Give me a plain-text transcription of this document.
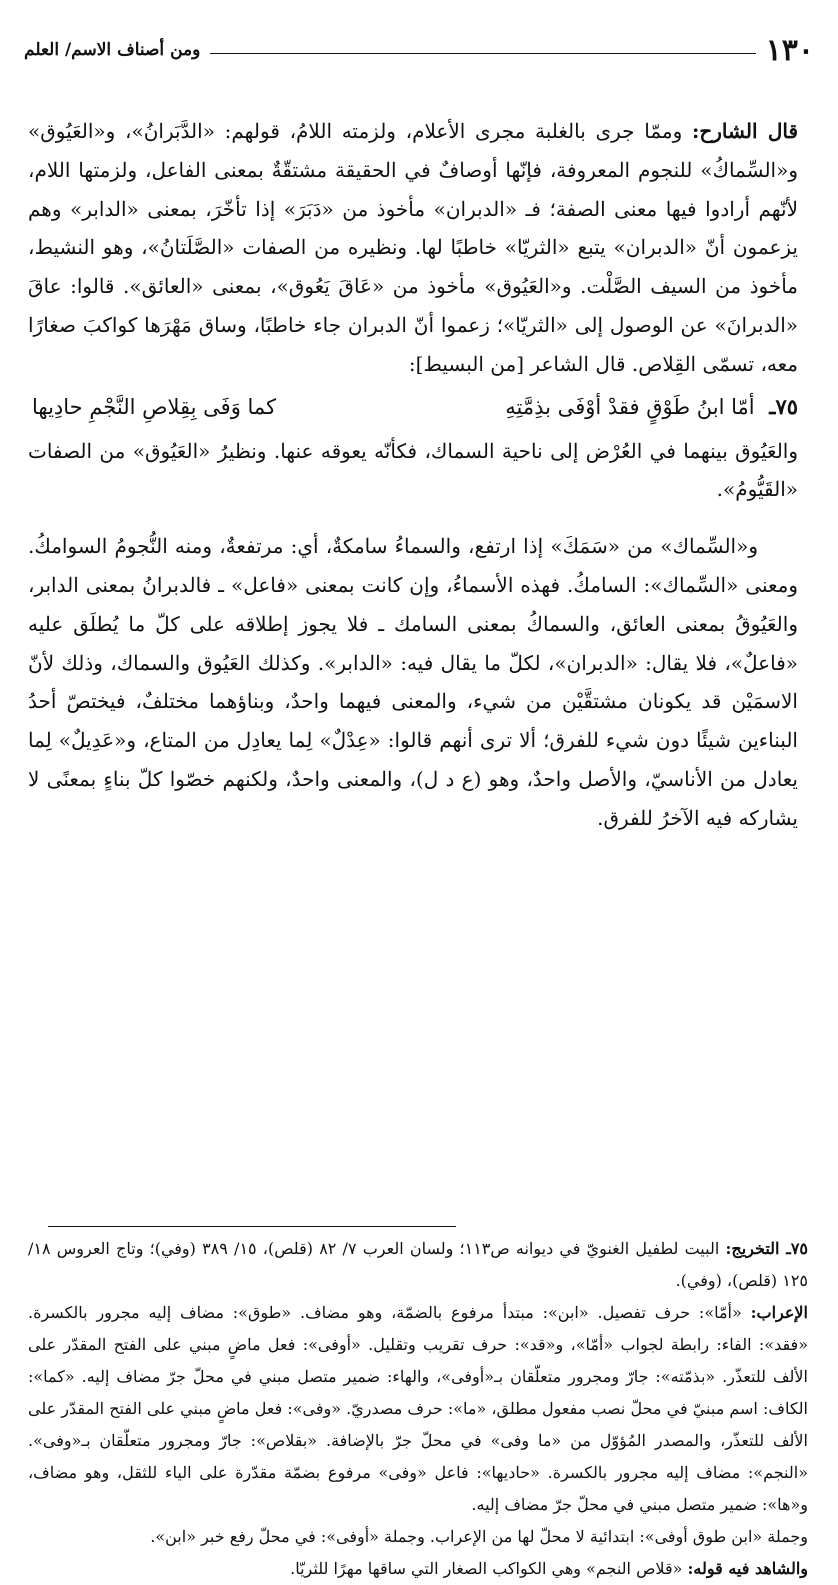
١٣٠
ومن أصناف الاسم/ العلم

قال الشارح: وممّا جرى بالغلبة مجرى الأعلام، ولزمته اللامُ، قولهم: «الدَّبَرانُ»، و«العَيُوق» و«السِّماكُ» للنجوم المعروفة، فإنّها أوصافٌ في الحقيقة مشتقّةٌ بمعنى الفاعل، ولزمتها اللام، لأنّهم أرادوا فيها معنى الصفة؛ فـ «الدبران» مأخوذ من «دَبَرَ» إذا تأخّرَ، بمعنى «الدابر» وهم يزعمون أنّ «الدبران» يتبع «الثريّا» خاطبًا لها. ونظيره من الصفات «الصَّلَتانُ»، وهو النشيط، مأخوذ من السيف الصَّلْت. و«العَيُوق» مأخوذ من «عَاقَ يَعُوق»، بمعنى «العائق». قالوا: عاقَ «الدبرانَ» عن الوصول إلى «الثريّا»؛ زعموا أنّ الدبران جاء خاطبًا، وساق مَهْرَها كواكبَ صغارًا معه، تسمّى القِلاص. قال الشاعر [من البسيط]:

٧٥ـ أمّا ابنُ طَوْقٍ فقدْ أوْفَى بذِمَّتِهِ
كما وَفَى بِقِلاصِ النَّجْمِ حادِيها

والعَيُوق بينهما في العُرْض إلى ناحية السماك، فكأنّه يعوقه عنها. ونظيرُ «العَيُوق» من الصفات «القَيُّومُ».

و«السِّماك» من «سَمَكَ» إذا ارتفع، والسماءُ سامكةٌ، أي: مرتفعةٌ، ومنه النُّجومُ السوامكُ. ومعنى «السِّماك»: السامكُ. فهذه الأسماءُ، وإن كانت بمعنى «فاعل» ـ فالدبرانُ بمعنى الدابر، والعَيُوقُ بمعنى العائق، والسماكُ بمعنى السامك ـ فلا يجوز إطلاقه على كلّ ما يُطلَق عليه «فاعلٌ»، فلا يقال: «الدبران»، لكلّ ما يقال فيه: «الدابر». وكذلك العَيُوق والسماك، وذلك لأنّ الاسمَيْن قد يكونان مشتقَّيْن من شيء، والمعنى فيهما واحدٌ، وبناؤهما مختلفٌ، فيختصّ أحدُ البناءين شيئًا دون شيء للفرق؛ ألا ترى أنهم قالوا: «عِدْلٌ» لِما يعادِل من المتاع، و«عَدِيلٌ» لِما يعادل من الأناسيّ، والأصل واحدٌ، وهو (ع د ل)، والمعنى واحدٌ، ولكنهم خصّوا كلّ بناءٍ بمعنًى لا يشاركه فيه الآخرُ للفرق.

٧٥ـ التخريج: البيت لطفيل الغنويّ في ديوانه ص١١٣؛ ولسان العرب ٧/ ٨٢ (قلص)، ١٥/ ٣٨٩ (وفي)؛ وتاج العروس ١٨/ ١٢٥ (قلص)، (وفي).

الإعراب: «أمّا»: حرف تفصيل. «ابن»: مبتدأ مرفوع بالضمّة، وهو مضاف. «طوق»: مضاف إليه مجرور بالكسرة. «فقد»: الفاء: رابطة لجواب «أمّا»، و«قد»: حرف تقريب وتقليل. «أوفى»: فعل ماضٍ مبني على الفتح المقدّر على الألف للتعذّر. «بذمّته»: جارّ ومجرور متعلّقان بـ«أوفى»، والهاء: ضمير متصل مبني في محلّ جرّ مضاف إليه. «كما»: الكاف: اسم مبنيّ في محلّ نصب مفعول مطلق، «ما»: حرف مصدريّ. «وفى»: فعل ماضٍ مبني على الفتح المقدّر على الألف للتعذّر، والمصدر المُؤوّل من «ما وفى» في محلّ جرّ بالإضافة. «بقلاص»: جارّ ومجرور متعلّقان بـ«وفى». «النجم»: مضاف إليه مجرور بالكسرة. «حاديها»: فاعل «وفى» مرفوع بضمّة مقدّرة على الياء للثقل، وهو مضاف، و«ها»: ضمير متصل مبني في محلّ جرّ مضاف إليه.

وجملة «ابن طوق أوفى»: ابتدائية لا محلّ لها من الإعراب. وجملة «أوفى»: في محلّ رفع خبر «ابن».

والشاهد فيه قوله: «قلاص النجم» وهي الكواكب الصغار التي ساقها مهرًا للثريّا.
